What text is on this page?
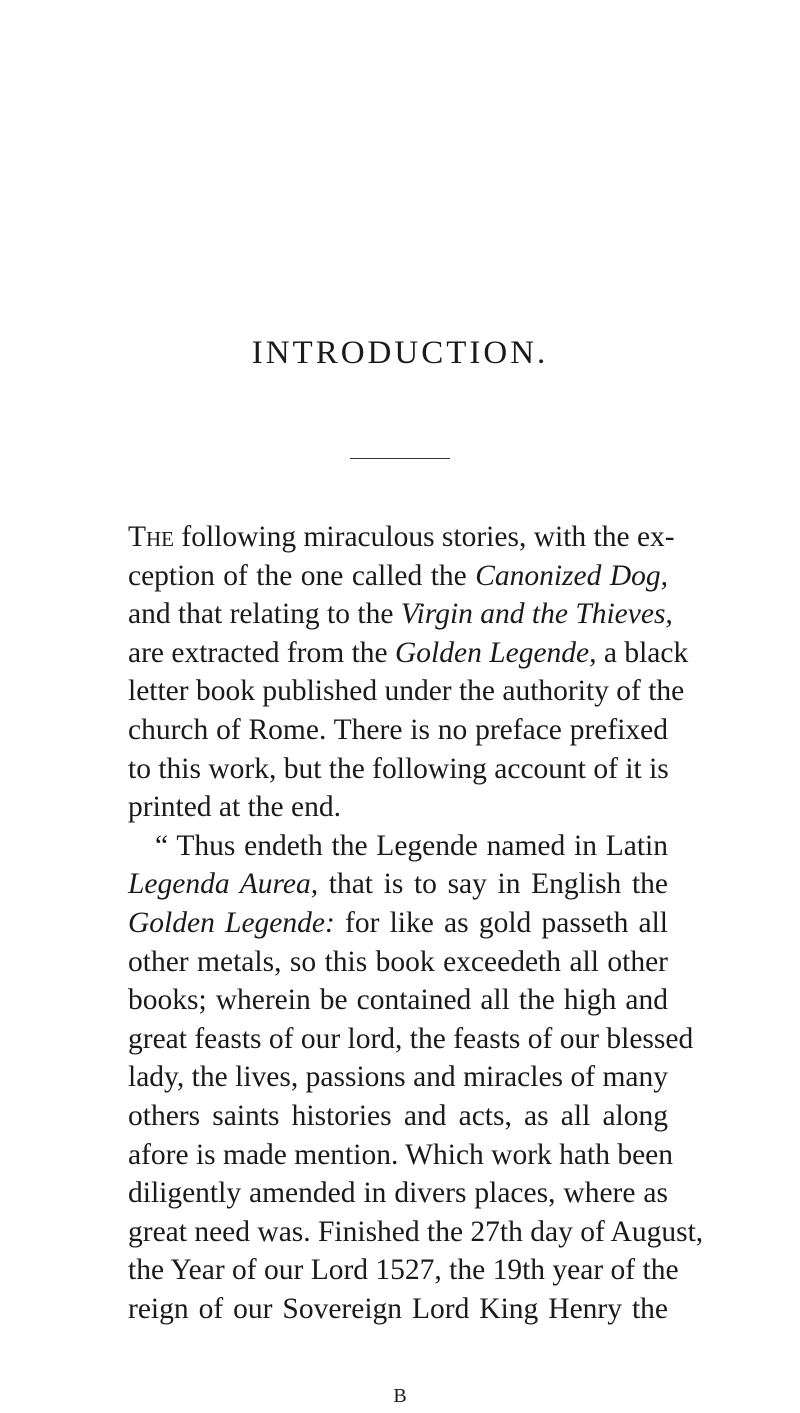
INTRODUCTION.
The following miraculous stories, with the ex-
ception of the one called the Canonized Dog,
and that relating to the Virgin and the Thieves,
are extracted from the Golden Legende, a black
letter book published under the authority of the
church of Rome. There is no preface prefixed
to this work, but the following account of it is
printed at the end.
“ Thus endeth the Legende named in Latin
Legenda Aurea, that is to say in English the
Golden Legende: for like as gold passeth all
other metals, so this book exceedeth all other
books; wherein be contained all the high and
great feasts of our lord, the feasts of our blessed
lady, the lives, passions and miracles of many
others saints histories and acts, as all along
afore is made mention. Which work hath been
diligently amended in divers places, where as
great need was. Finished the 27th day of August,
the Year of our Lord 1527, the 19th year of the
reign of our Sovereign Lord King Henry the
B
